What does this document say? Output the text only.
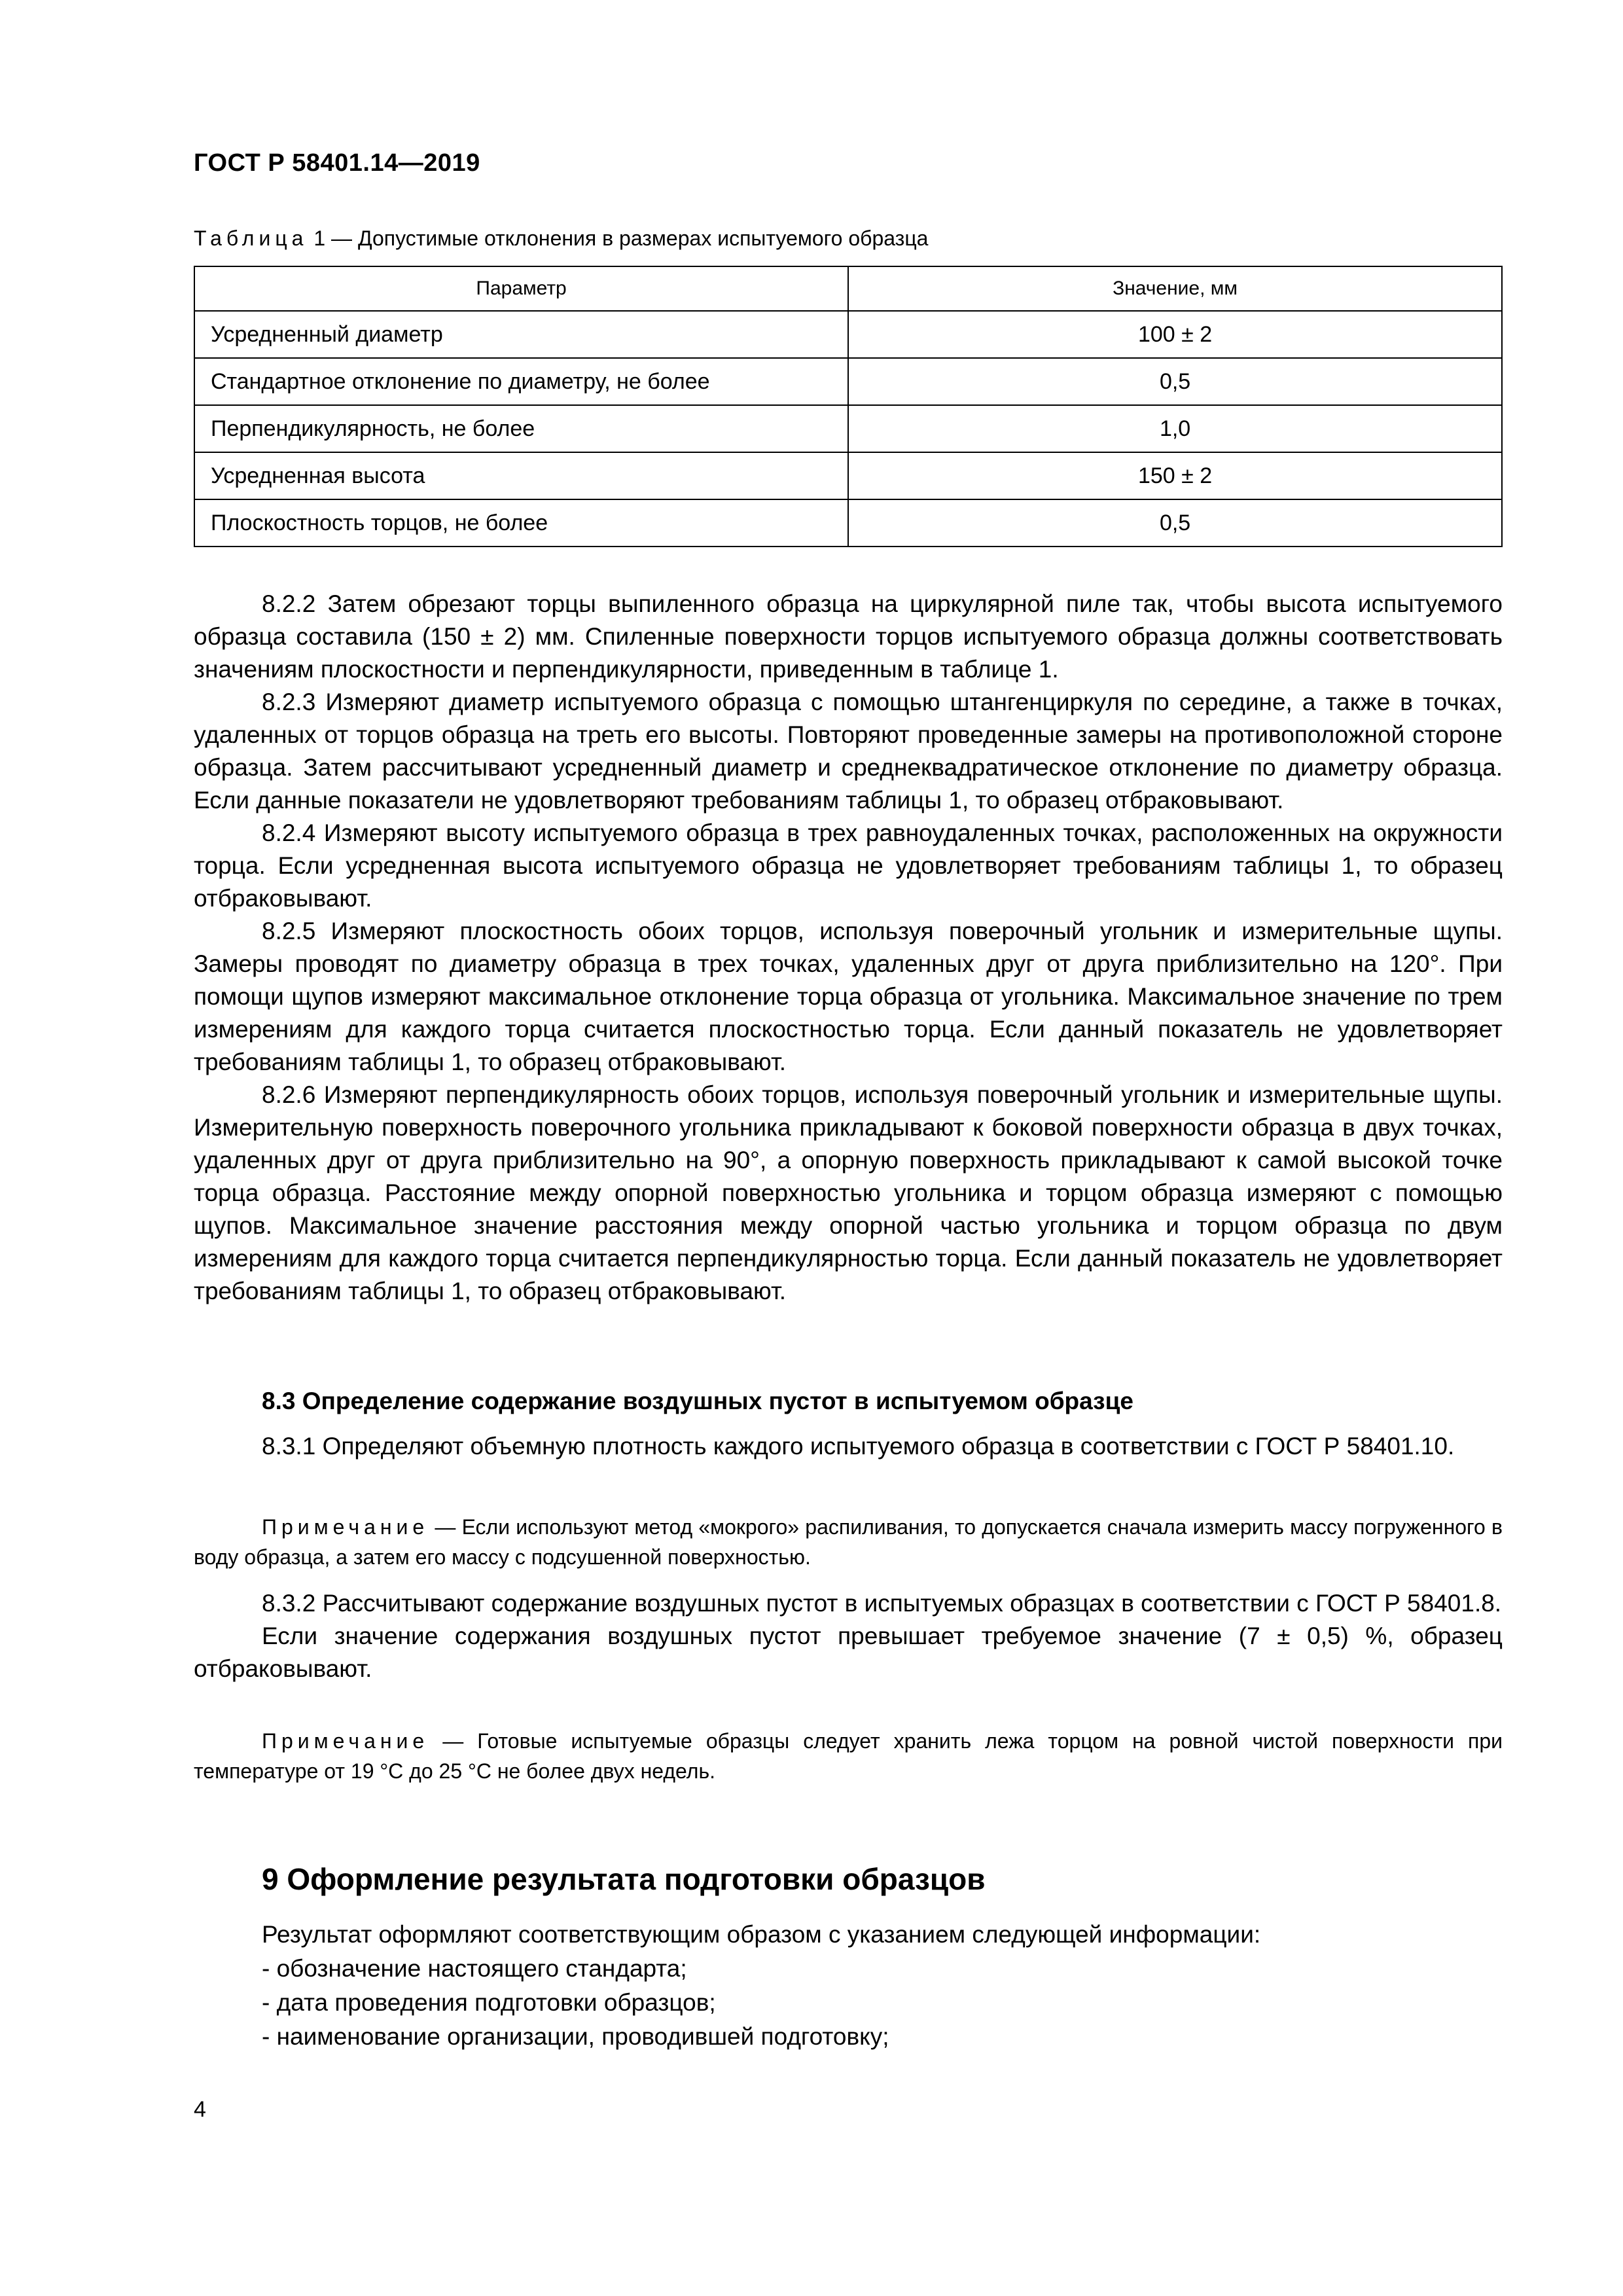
ГОСТ Р 58401.14—2019
Таблица 1 — Допустимые отклонения в размерах испытуемого образца
Параметр	Значение, мм
Усредненный диаметр	100 ± 2
Стандартное отклонение по диаметру, не более	0,5
Перпендикулярность, не более	1,0
Усредненная высота	150 ± 2
Плоскостность торцов, не более	0,5

8.2.2 Затем обрезают торцы выпиленного образца на циркулярной пиле так, чтобы высота испытуемого образца составила (150 ± 2) мм. Спиленные поверхности торцов испытуемого образца должны соответствовать значениям плоскостности и перпендикулярности, приведенным в таблице 1.

8.2.3 Измеряют диаметр испытуемого образца с помощью штангенциркуля по середине, а также в точках, удаленных от торцов образца на треть его высоты. Повторяют проведенные замеры на противоположной стороне образца. Затем рассчитывают усредненный диаметр и среднеквадратическое отклонение по диаметру образца. Если данные показатели не удовлетворяют требованиям таблицы 1, то образец отбраковывают.

8.2.4 Измеряют высоту испытуемого образца в трех равноудаленных точках, расположенных на окружности торца. Если усредненная высота испытуемого образца не удовлетворяет требованиям таблицы 1, то образец отбраковывают.

8.2.5 Измеряют плоскостность обоих торцов, используя поверочный угольник и измерительные щупы. Замеры проводят по диаметру образца в трех точках, удаленных друг от друга приблизительно на 120°. При помощи щупов измеряют максимальное отклонение торца образца от угольника. Максимальное значение по трем измерениям для каждого торца считается плоскостностью торца. Если данный показатель не удовлетворяет требованиям таблицы 1, то образец отбраковывают.

8.2.6 Измеряют перпендикулярность обоих торцов, используя поверочный угольник и измерительные щупы. Измерительную поверхность поверочного угольника прикладывают к боковой поверхности образца в двух точках, удаленных друг от друга приблизительно на 90°, а опорную поверхность прикладывают к самой высокой точке торца образца. Расстояние между опорной поверхностью угольника и торцом образца измеряют с помощью щупов. Максимальное значение расстояния между опорной частью угольника и торцом образца по двум измерениям для каждого торца считается перпендикулярностью торца. Если данный показатель не удовлетворяет требованиям таблицы 1, то образец отбраковывают.

8.3 Определение содержание воздушных пустот в испытуемом образце

8.3.1 Определяют объемную плотность каждого испытуемого образца в соответствии с ГОСТ Р 58401.10.

Примечание — Если используют метод «мокрого» распиливания, то допускается сначала измерить массу погруженного в воду образца, а затем его массу с подсушенной поверхностью.

8.3.2 Рассчитывают содержание воздушных пустот в испытуемых образцах в соответствии с ГОСТ Р 58401.8.

Если значение содержания воздушных пустот превышает требуемое значение (7 ± 0,5) %, образец отбраковывают.

Примечание — Готовые испытуемые образцы следует хранить лежа торцом на ровной чистой поверхности при температуре от 19 °С до 25 °С не более двух недель.
9 Оформление результата подготовки образцов
Результат оформляют соответствующим образом с указанием следующей информации:
- обозначение настоящего стандарта;
- дата проведения подготовки образцов;
- наименование организации, проводившей подготовку;
4
